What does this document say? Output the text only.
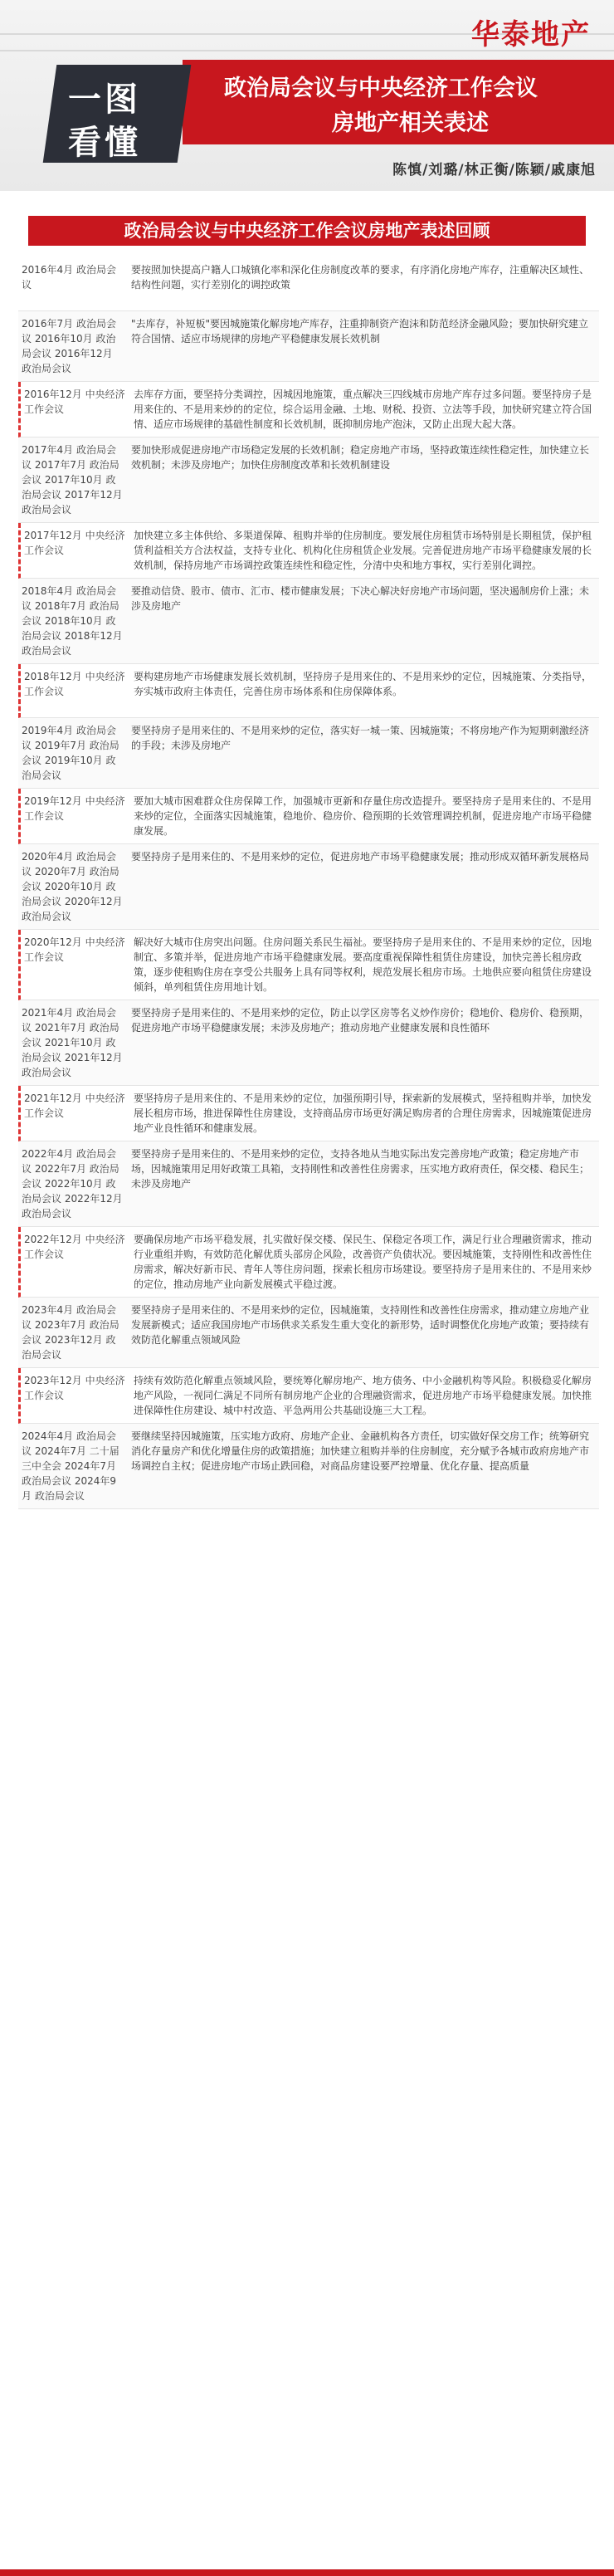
华泰地产
政治局会议与中央经济工作会议
房地产相关表述
一图
看懂
陈慎/刘璐/林正衡/陈颖/戚康旭
政治局会议与中央经济工作会议房地产表述回顾
2016年4月 政治局会议
要按照加快提高户籍人口城镇化率和深化住房制度改革的要求，有序消化房地产库存，注重解决区域性、结构性问题，实行差别化的调控政策
2016年7月 政治局会议 2016年10月 政治局会议 2016年12月 政治局会议
"去库存，补短板"要因城施策化解房地产库存，注重抑制资产泡沫和防范经济金融风险；要加快研究建立符合国情、适应市场规律的房地产平稳健康发展长效机制
2016年12月 中央经济工作会议
去库存方面，要坚持分类调控，因城因地施策，重点解决三四线城市房地产库存过多问题。要坚持房子是用来住的、不是用来炒的的定位，综合运用金融、土地、财税、投资、立法等手段，加快研究建立符合国情、适应市场规律的基础性制度和长效机制，既抑制房地产泡沫，又防止出现大起大落。
2017年4月 政治局会议 2017年7月 政治局会议 2017年10月 政治局会议 2017年12月 政治局会议
要加快形成促进房地产市场稳定发展的长效机制；稳定房地产市场，坚持政策连续性稳定性，加快建立长效机制；未涉及房地产；加快住房制度改革和长效机制建设
2017年12月 中央经济工作会议
加快建立多主体供给、多渠道保障、租购并举的住房制度。要发展住房租赁市场特别是长期租赁，保护租赁利益相关方合法权益，支持专业化、机构化住房租赁企业发展。完善促进房地产市场平稳健康发展的长效机制，保持房地产市场调控政策连续性和稳定性，分清中央和地方事权，实行差别化调控。
2018年4月 政治局会议 2018年7月 政治局会议 2018年10月 政治局会议 2018年12月 政治局会议
要推动信贷、股市、债市、汇市、楼市健康发展；下决心解决好房地产市场问题，坚决遏制房价上涨；未涉及房地产
2018年12月 中央经济工作会议
要构建房地产市场健康发展长效机制，坚持房子是用来住的、不是用来炒的定位，因城施策、分类指导，夯实城市政府主体责任，完善住房市场体系和住房保障体系。
2019年4月 政治局会议 2019年7月 政治局会议 2019年10月 政治局会议
要坚持房子是用来住的、不是用来炒的定位，落实好一城一策、因城施策；不将房地产作为短期刺激经济的手段；未涉及房地产
2019年12月 中央经济工作会议
要加大城市困难群众住房保障工作，加强城市更新和存量住房改造提升。要坚持房子是用来住的、不是用来炒的定位，全面落实因城施策，稳地价、稳房价、稳预期的长效管理调控机制，促进房地产市场平稳健康发展。
2020年4月 政治局会议 2020年7月 政治局会议 2020年10月 政治局会议 2020年12月 政治局会议
要坚持房子是用来住的、不是用来炒的定位，促进房地产市场平稳健康发展；推动形成双循环新发展格局
2020年12月 中央经济工作会议
解决好大城市住房突出问题。住房问题关系民生福祉。要坚持房子是用来住的、不是用来炒的定位，因地制宜、多策并举，促进房地产市场平稳健康发展。要高度重视保障性租赁住房建设，加快完善长租房政策，逐步使租购住房在享受公共服务上具有同等权利，规范发展长租房市场。土地供应要向租赁住房建设倾斜，单列租赁住房用地计划。
2021年4月 政治局会议 2021年7月 政治局会议 2021年10月 政治局会议 2021年12月 政治局会议
要坚持房子是用来住的、不是用来炒的定位，防止以学区房等名义炒作房价；稳地价、稳房价、稳预期，促进房地产市场平稳健康发展；未涉及房地产；推动房地产业健康发展和良性循环
2021年12月 中央经济工作会议
要坚持房子是用来住的、不是用来炒的定位，加强预期引导，探索新的发展模式，坚持租购并举，加快发展长租房市场，推进保障性住房建设，支持商品房市场更好满足购房者的合理住房需求，因城施策促进房地产业良性循环和健康发展。
2022年4月 政治局会议 2022年7月 政治局会议 2022年10月 政治局会议 2022年12月 政治局会议
要坚持房子是用来住的、不是用来炒的定位，支持各地从当地实际出发完善房地产政策；稳定房地产市场，因城施策用足用好政策工具箱，支持刚性和改善性住房需求，压实地方政府责任，保交楼、稳民生；未涉及房地产
2022年12月 中央经济工作会议
要确保房地产市场平稳发展，扎实做好保交楼、保民生、保稳定各项工作，满足行业合理融资需求，推动行业重组并购，有效防范化解优质头部房企风险，改善资产负债状况。要因城施策，支持刚性和改善性住房需求，解决好新市民、青年人等住房问题，探索长租房市场建设。要坚持房子是用来住的、不是用来炒的定位，推动房地产业向新发展模式平稳过渡。
2023年4月 政治局会议 2023年7月 政治局会议 2023年12月 政治局会议
要坚持房子是用来住的、不是用来炒的定位，因城施策，支持刚性和改善性住房需求，推动建立房地产业发展新模式；适应我国房地产市场供求关系发生重大变化的新形势，适时调整优化房地产政策；要持续有效防范化解重点领域风险
2023年12月 中央经济工作会议
持续有效防范化解重点领域风险，要统筹化解房地产、地方债务、中小金融机构等风险。积极稳妥化解房地产风险，一视同仁满足不同所有制房地产企业的合理融资需求，促进房地产市场平稳健康发展。加快推进保障性住房建设、城中村改造、平急两用公共基础设施三大工程。
2024年4月 政治局会议 2024年7月 二十届三中全会 2024年7月 政治局会议 2024年9月 政治局会议
要继续坚持因城施策，压实地方政府、房地产企业、金融机构各方责任，切实做好保交房工作；统筹研究消化存量房产和优化增量住房的政策措施；加快建立租购并举的住房制度，充分赋予各城市政府房地产市场调控自主权；促进房地产市场止跌回稳，对商品房建设要严控增量、优化存量、提高质量
